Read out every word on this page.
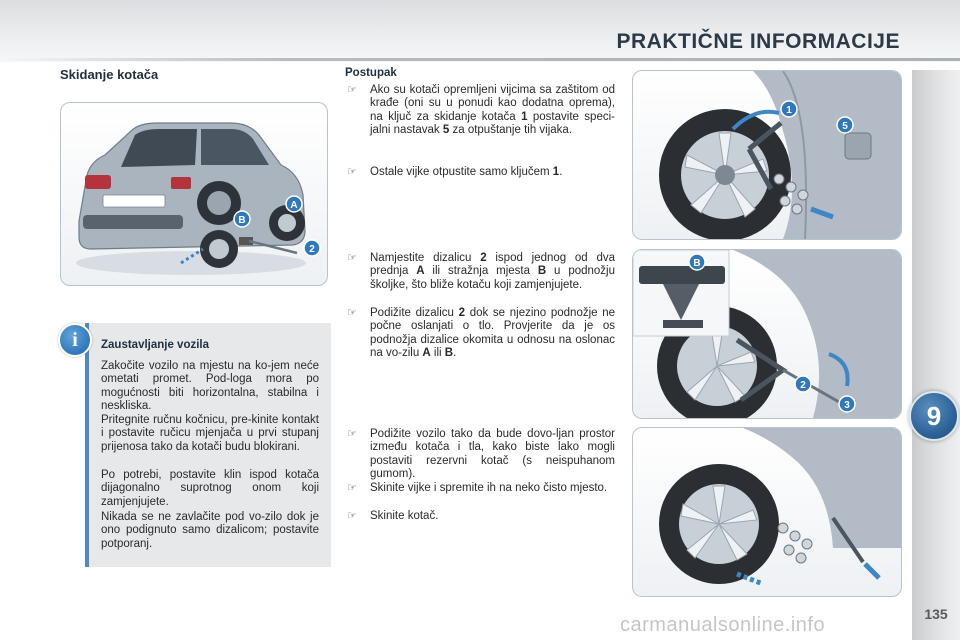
PRAKTIČNE INFORMACIJE
9
135
Skidanje kotača
A
B
2
i	Zaustavljanje vozila

Zakočite vozilo na mjestu na ko-jem neće ometati promet. Pod-loga mora po mogućnosti biti horizontalna, stabilna i neskliska.

Pritegnite ručnu kočnicu, pre-kinite kontakt i postavite ručicu mjenjača u prvi stupanj prijenosa tako da kotači budu blokirani.

Po potrebi, postavite klin ispod kotača dijagonalno suprotnog onom koji zamjenjujete.

Nikada se ne zavlačite pod vo-zilo dok je ono podignuto samo dizalicom; postavite potporanj.

Postupak
☞ Ako su kotači opremljeni vijcima sa zaštitom od krađe (oni su u ponudi kao dodatna oprema), na ključ za skidanje kotača 1 postavite speci-jalni nastavak 5 za otpuštanje tih vijaka.
☞ Ostale vijke otpustite samo ključem 1.
☞ Namjestite dizalicu 2 ispod jednog od dva prednja A ili stražnja mjesta B u podnožju školjke, što bliže kotaču koji zamjenjujete.
☞ Podižite dizalicu 2 dok se njezino podnožje ne počne oslanjati o tlo. Provjerite da je os podnožja dizalice okomita u odnosu na oslonac na vo-zilu A ili B.
☞ Podižite vozilo tako da bude dovo-ljan prostor između kotača i tla, kako biste lako mogli postaviti rezervni kotač (s neispuhanom gumom).
☞ Skinite vijke i spremite ih na neko čisto mjesto.
☞ Skinite kotač.
1
5
B
2
3
carmanualsonline.info
